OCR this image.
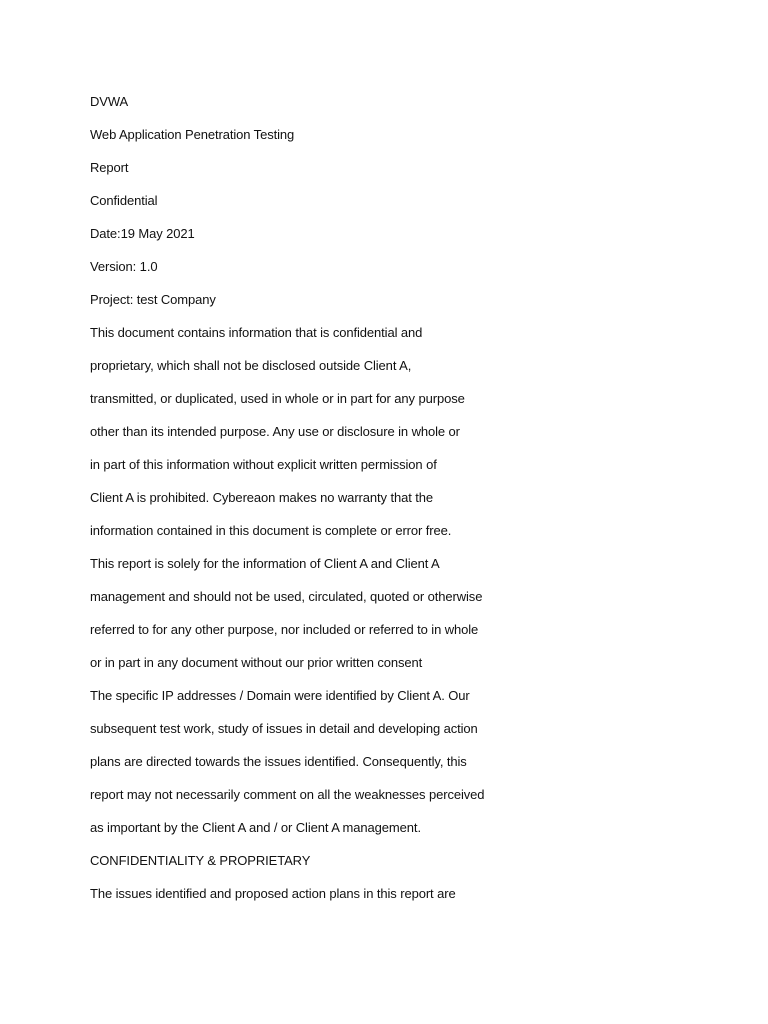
DVWA
Web Application Penetration Testing
Report
Confidential
Date:19 May 2021
Version: 1.0
Project: test Company
This document contains information that is confidential and
proprietary, which shall not be disclosed outside Client A,
transmitted, or duplicated, used in whole or in part for any purpose
other than its intended purpose. Any use or disclosure in whole or
in part of this information without explicit written permission of
Client A is prohibited. Cybereaon makes no warranty that the
information contained in this document is complete or error free.
This report is solely for the information of Client A and Client A
management and should not be used, circulated, quoted or otherwise
referred to for any other purpose, nor included or referred to in whole
or in part in any document without our prior written consent
The specific IP addresses / Domain were identified by Client A. Our
subsequent test work, study of issues in detail and developing action
plans are directed towards the issues identified. Consequently, this
report may not necessarily comment on all the weaknesses perceived
as important by the Client A and / or Client A management.
CONFIDENTIALITY & PROPRIETARY
The issues identified and proposed action plans in this report are
